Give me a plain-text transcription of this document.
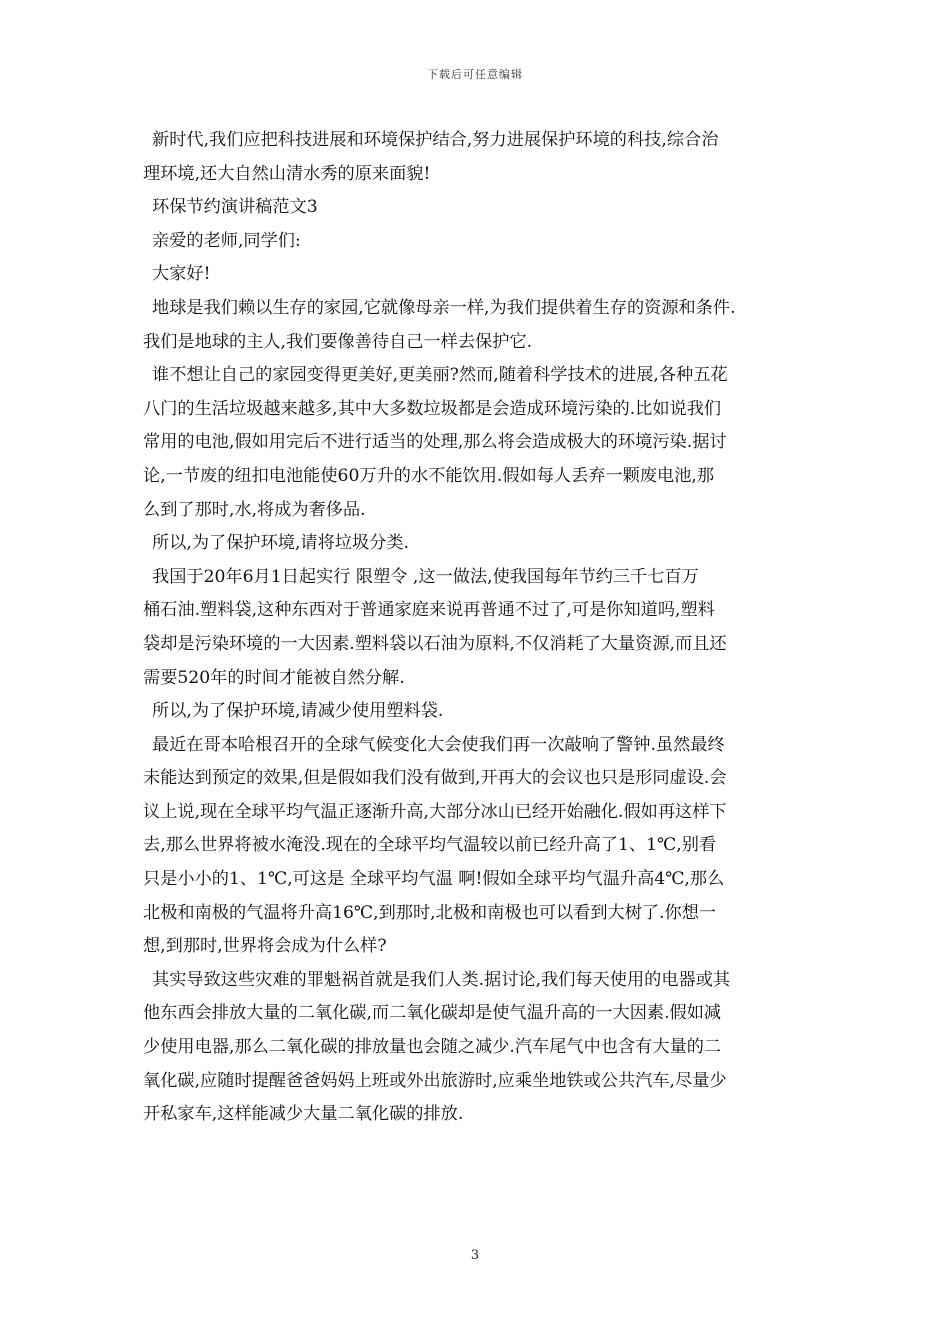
下载后可任意编辑
新时代,我们应把科技进展和环境保护结合,努力进展保护环境的科技,综合治
理环境,还大自然山清水秀的原来面貌!
环保节约演讲稿范文3
亲爱的老师,同学们:
大家好!
地球是我们赖以生存的家园,它就像母亲一样,为我们提供着生存的资源和条件.
我们是地球的主人,我们要像善待自己一样去保护它.
谁不想让自己的家园变得更美好,更美丽?然而,随着科学技术的进展,各种五花
八门的生活垃圾越来越多,其中大多数垃圾都是会造成环境污染的.比如说我们
常用的电池,假如用完后不进行适当的处理,那么将会造成极大的环境污染.据讨
论,一节废的纽扣电池能使60万升的水不能饮用.假如每人丢弃一颗废电池,那
么到了那时,水,将成为奢侈品.
所以,为了保护环境,请将垃圾分类.
我国于20年6月1日起实行 限塑令 ,这一做法,使我国每年节约三千七百万
桶石油.塑料袋,这种东西对于普通家庭来说再普通不过了,可是你知道吗,塑料
袋却是污染环境的一大因素.塑料袋以石油为原料,不仅消耗了大量资源,而且还
需要520年的时间才能被自然分解.
所以,为了保护环境,请减少使用塑料袋.
最近在哥本哈根召开的全球气候变化大会使我们再一次敲响了警钟.虽然最终
未能达到预定的效果,但是假如我们没有做到,开再大的会议也只是形同虚设.会
议上说,现在全球平均气温正逐渐升高,大部分冰山已经开始融化.假如再这样下
去,那么世界将被水淹没.现在的全球平均气温较以前已经升高了1、1℃,别看
只是小小的1、1℃,可这是 全球平均气温 啊!假如全球平均气温升高4℃,那么
北极和南极的气温将升高16℃,到那时,北极和南极也可以看到大树了.你想一
想,到那时,世界将会成为什么样?
其实导致这些灾难的罪魁祸首就是我们人类.据讨论,我们每天使用的电器或其
他东西会排放大量的二氧化碳,而二氧化碳却是使气温升高的一大因素.假如减
少使用电器,那么二氧化碳的排放量也会随之减少.汽车尾气中也含有大量的二
氧化碳,应随时提醒爸爸妈妈上班或外出旅游时,应乘坐地铁或公共汽车,尽量少
开私家车,这样能减少大量二氧化碳的排放.
3
